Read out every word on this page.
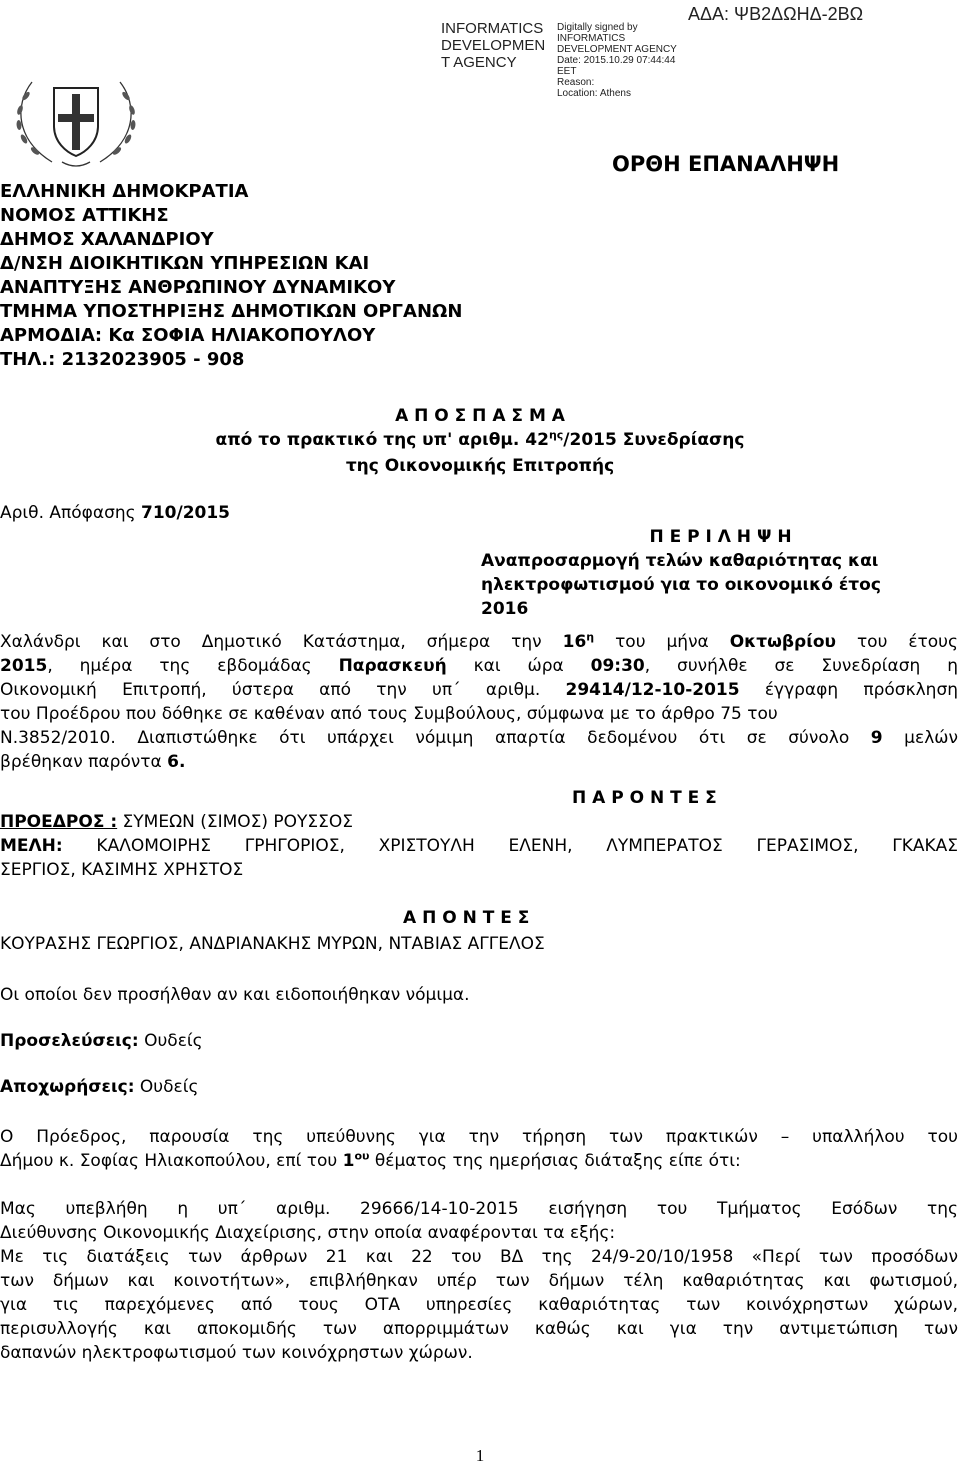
ΑΔΑ: ΨΒ2ΔΩΗΔ-2ΒΩ
INFORMATICS
DEVELOPMEN
T AGENCY
Digitally signed by
INFORMATICS
DEVELOPMENT AGENCY
Date: 2015.10.29 07:44:44
EET
Reason:
Location: Athens
ΟΡΘΗ ΕΠΑΝΑΛΗΨΗ
ΕΛΛΗΝΙΚΗ ΔΗΜΟΚΡΑΤΙΑ
ΝΟΜΟΣ ΑΤΤΙΚΗΣ
ΔΗΜΟΣ ΧΑΛΑΝΔΡΙΟΥ
Δ/ΝΣΗ ΔΙΟΙΚΗΤΙΚΩΝ ΥΠΗΡΕΣΙΩΝ ΚΑΙ
ΑΝΑΠΤΥΞΗΣ ΑΝΘΡΩΠΙΝΟΥ ΔΥΝΑΜΙΚΟΥ
ΤΜΗΜΑ ΥΠΟΣΤΗΡΙΞΗΣ ΔΗΜΟΤΙΚΩΝ ΟΡΓΑΝΩΝ
ΑΡΜΟΔΙΑ: Κα ΣΟΦΙΑ ΗΛΙΑΚΟΠΟΥΛΟΥ
ΤΗΛ.: 2132023905 - 908
Α Π Ο Σ Π Α Σ Μ Α
από το πρακτικό της υπ' αριθμ. $42^{\eta\varsigma}/2015$ Συνεδρίασης
της Οικονομικής Επιτροπής
Αριθ. Απόφασης 710/2015
Π Ε Ρ Ι Λ Η Ψ Η
Αναπροσαρμογή τελών καθαριότητας και
ηλεκτροφωτισμού για το οικονομικό έτος
2016
Χαλάνδρι και στο Δημοτικό Κατάστημα, σήμερα την $16^\eta$ του μήνα Οκτωβρίου του έτους
2015, ημέρα της εβδομάδας Παρασκευή και ώρα 09:30, συνήλθε σε Συνεδρίαση η
Οικονομική Επιτροπή, ύστερα από την υπ΄ αριθμ. 29414/12-10-2015 έγγραφη πρόσκληση
του Προέδρου που δόθηκε σε καθέναν από τους Συμβούλους, σύμφωνα με το άρθρο 75 του
Ν.3852/2010. Διαπιστώθηκε ότι υπάρχει νόμιμη απαρτία δεδομένου ότι σε σύνολο 9 μελών
βρέθηκαν παρόντα 6.
Π Α Ρ Ο Ν Τ Ε Σ
ΠΡΟΕΔΡΟΣ : ΣΥΜΕΩΝ (ΣΙΜΟΣ) ΡΟΥΣΣΟΣ
ΜΕΛΗ: ΚΑΛΟΜΟΙΡΗΣ ΓΡΗΓΟΡΙΟΣ, ΧΡΙΣΤΟΥΛΗ ΕΛΕΝΗ, ΛΥΜΠΕΡΑΤΟΣ ΓΕΡΑΣΙΜΟΣ, ΓΚΑΚΑΣ
ΣΕΡΓΙΟΣ, ΚΑΣΙΜΗΣ ΧΡΗΣΤΟΣ
Α Π Ο Ν Τ Ε Σ
ΚΟΥΡΑΣΗΣ ΓΕΩΡΓΙΟΣ, ΑΝΔΡΙΑΝΑΚΗΣ ΜΥΡΩΝ, ΝΤΑΒΙΑΣ ΑΓΓΕΛΟΣ
Οι οποίοι δεν προσήλθαν αν και ειδοποιήθηκαν νόμιμα.
Προσελεύσεις: Ουδείς
Αποχωρήσεις: Ουδείς
Ο Πρόεδρος, παρουσία της υπεύθυνης για την τήρηση των πρακτικών – υπαλλήλου του
Δήμου κ. Σοφίας Ηλιακοπούλου, επί του $1^{o\upsilon}$ θέματος της ημερήσιας διάταξης είπε ότι:
Μας υπεβλήθη η υπ΄ αριθμ. 29666/14-10-2015 εισήγηση του Τμήματος Εσόδων της
Διεύθυνσης Οικονομικής Διαχείρισης, στην οποία αναφέρονται τα εξής:
Με τις διατάξεις των άρθρων 21 και 22 του ΒΔ της 24/9-20/10/1958 «Περί των προσόδων
των δήμων και κοινοτήτων», επιβλήθηκαν υπέρ των δήμων τέλη καθαριότητας και φωτισμού,
για τις παρεχόμενες από τους ΟΤΑ υπηρεσίες καθαριότητας των κοινόχρηστων χώρων,
περισυλλογής και αποκομιδής των απορριμμάτων καθώς και για την αντιμετώπιση των
δαπανών ηλεκτροφωτισμού των κοινόχρηστων χώρων.
1
